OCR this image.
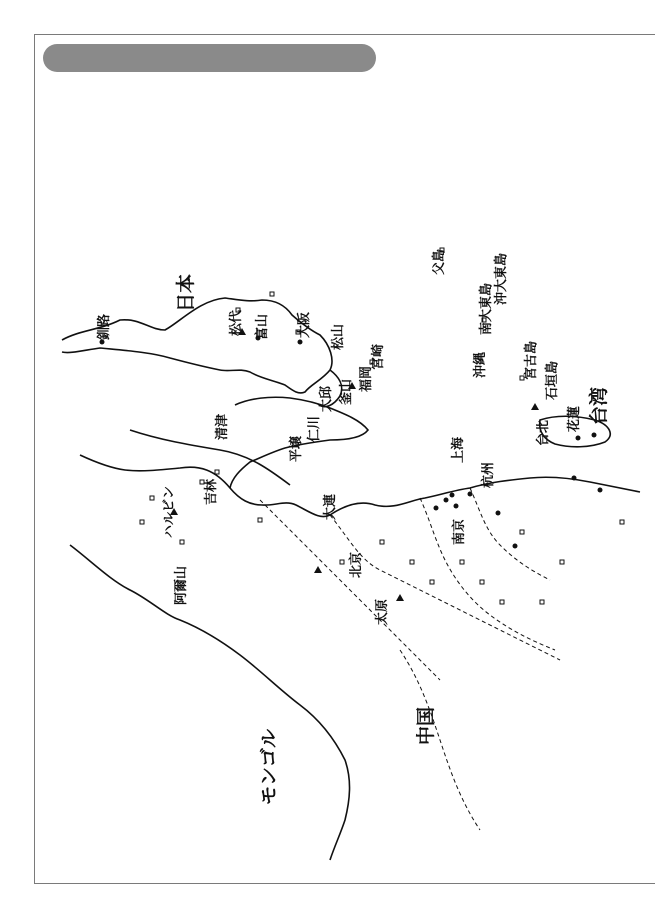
釧路	松代 富山 大阪 松山
宮崎
福岡
釜山
大邱
仁川
平壌
清津
吉林
ハルビン
阿爾山
大連
北京
太原
南京
杭州
上海
沖縄	宮古島
石垣島
花蓮
台北
父島
南大東島
沖大東島
日本
中国
モンゴル
台湾
